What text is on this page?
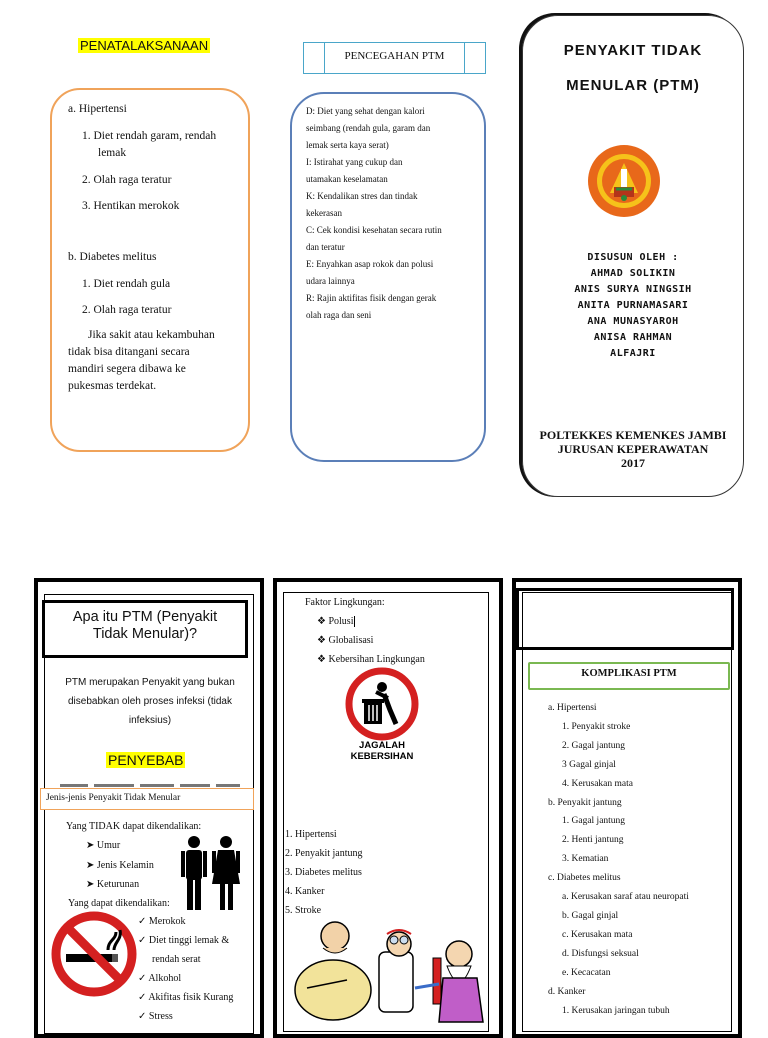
PENATALAKSANAAN
a. Hipertensi
1. Diet rendah garam, rendah
lemak
2. Olah raga teratur
3. Hentikan merokok
b. Diabetes melitus
1. Diet rendah gula
2. Olah raga teratur
Jika sakit atau kekambuhan
tidak bisa ditangani secara
mandiri segera dibawa ke
pukesmas terdekat.
PENCEGAHAN PTM
D: Diet yang sehat dengan kalori
seimbang (rendah gula, garam dan
lemak serta kaya serat)
I: Istirahat yang cukup dan
utamakan keselamatan
K: Kendalikan stres dan tindak
kekerasan
C: Cek kondisi kesehatan secara rutin
dan teratur
E: Enyahkan asap rokok dan polusi
udara lainnya
R: Rajin aktifitas fisik dengan gerak
olah raga dan seni
PENYAKIT TIDAK
MENULAR (PTM)
DISUSUN OLEH :
AHMAD SOLIKIN
ANIS SURYA NINGSIH
ANITA PURNAMASARI
ANA MUNASYAROH
ANISA RAHMAN
ALFAJRI
POLTEKKES KEMENKES JAMBI
JURUSAN KEPERAWATAN
2017
Apa itu PTM (Penyakit
Tidak Menular)?
PTM merupakan Penyakit yang bukan
disebabkan oleh proses infeksi (tidak
infeksius)
PENYEBAB
Jenis-jenis Penyakit Tidak Menular
Yang TIDAK dapat dikendalikan:
➤ Umur
➤ Jenis Kelamin
➤ Keturunan
Yang dapat dikendalikan:
✓ Merokok
✓ Diet tinggi lemak &
rendah serat
✓ Alkohol
✓ Akifitas fisik Kurang
✓ Stress
Faktor Lingkungan:
❖ Polusi
❖ Globalisasi
❖ Kebersihan Lingkungan
JAGALAH
KEBERSIHAN
1. Hipertensi
2. Penyakit jantung
3. Diabetes melitus
4. Kanker
5. Stroke
KOMPLIKASI PTM
a. Hipertensi
1. Penyakit stroke
2. Gagal jantung
3 Gagal ginjal
4. Kerusakan mata
b. Penyakit jantung
1. Gagal jantung
2. Henti jantung
3. Kematian
c. Diabetes melitus
a. Kerusakan saraf atau neuropati
b. Gagal ginjal
c. Kerusakan mata
d. Disfungsi seksual
e. Kecacatan
d. Kanker
1. Kerusakan jaringan tubuh
